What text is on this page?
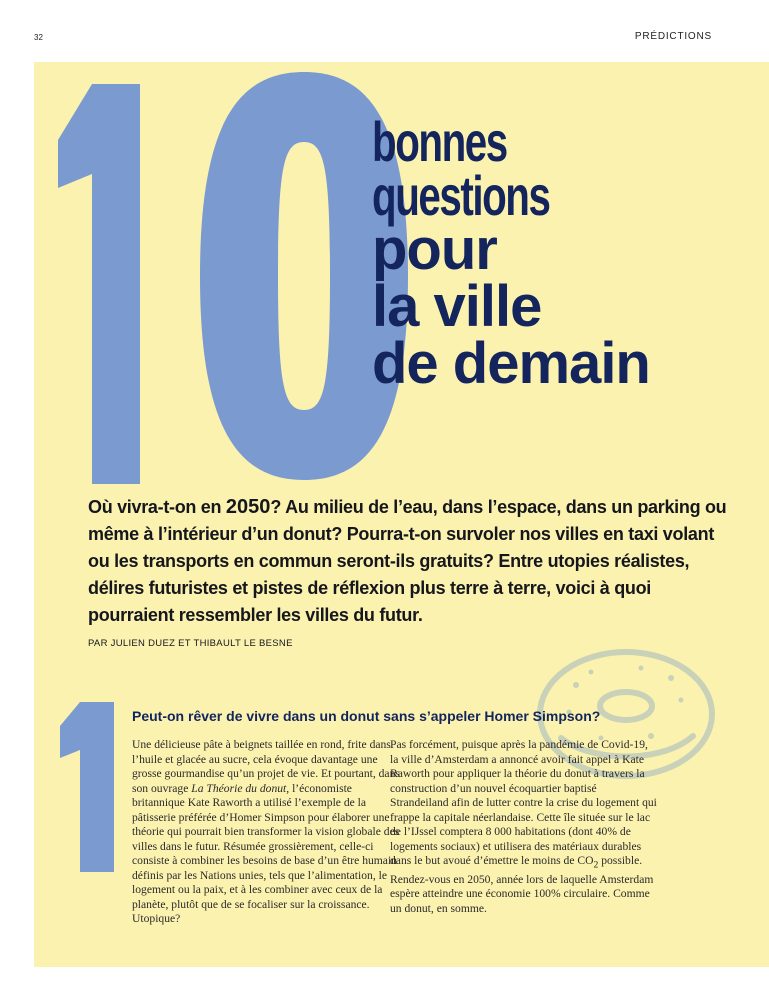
32	PRÉDICTIONS
bonnes
questions
pour
la ville
de demain

Où vivra-t-on en 2050? Au milieu de l’eau, dans l’espace, dans un parking ou même à l’intérieur d’un donut? Pourra-t-on survoler nos villes en taxi volant ou les transports en commun seront-ils gratuits? Entre utopies réalistes, délires futuristes et pistes de réflexion plus terre à terre, voici à quoi pourraient ressembler les villes du futur.

PAR JULIEN DUEZ ET THIBAULT LE BESNE

Peut-on rêver de vivre dans un donut sans s’appeler Homer Simpson?
Une délicieuse pâte à beignets taillée en rond, frite dans l’huile et glacée au sucre, cela évoque davantage une grosse gourmandise qu’un projet de vie. Et pourtant, dans son ouvrage La Théorie du donut, l’économiste britannique Kate Raworth a utilisé l’exemple de la pâtisserie préférée d’Homer Simpson pour élaborer une théorie qui pourrait bien transformer la vision globale des villes dans le futur. Résumée grossièrement, celle-ci consiste à combiner les besoins de base d’un être humain définis par les Nations unies, tels que l’alimentation, le logement ou la paix, et à les combiner avec ceux de la planète, plutôt que de se focaliser sur la croissance. Utopique?
Pas forcément, puisque après la pandémie de Covid-19, la ville d’Amsterdam a annoncé avoir fait appel à Kate Raworth pour appliquer la théorie du donut à travers la construction d’un nouvel écoquartier baptisé Strandeiland afin de lutter contre la crise du logement qui frappe la capitale néerlandaise. Cette île située sur le lac de l’IJssel comptera 8 000 habitations (dont 40% de logements sociaux) et utilisera des matériaux durables dans le but avoué d’émettre le moins de $CO_2$ possible. Rendez-vous en 2050, année lors de laquelle Amsterdam espère atteindre une économie 100% circulaire. Comme un donut, en somme.
